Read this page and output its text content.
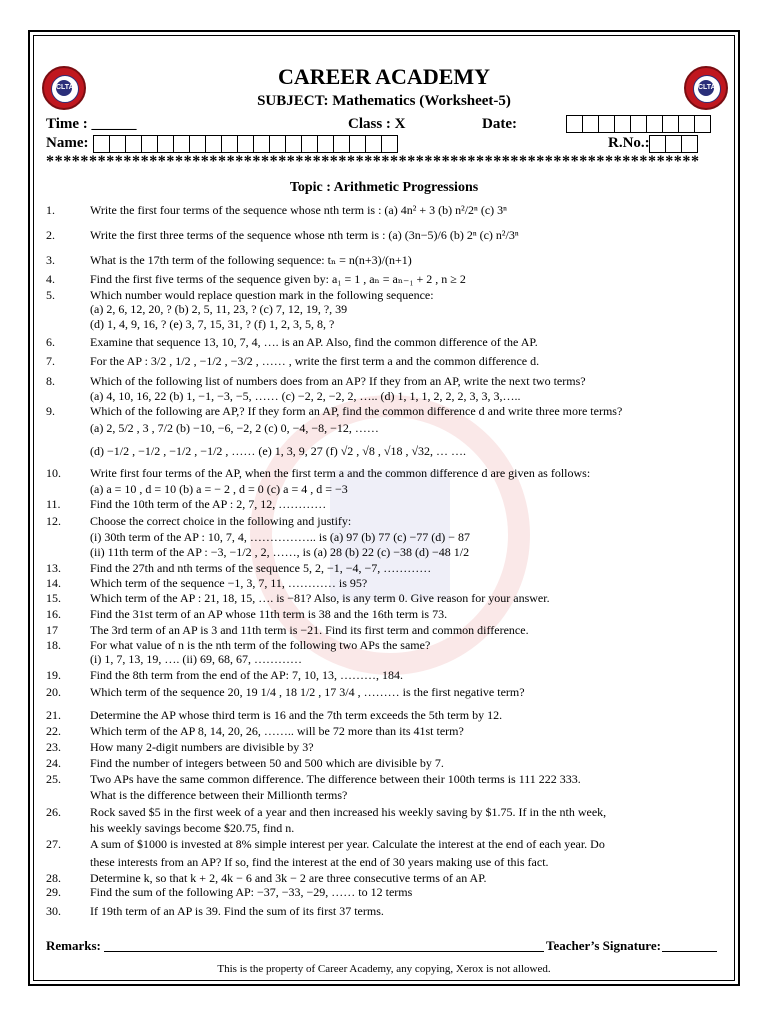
CLTA	CLTA
CAREER ACADEMY
SUBJECT: Mathematics (Worksheet-5)
Time : ______	Class : X	Date:
Name:	R.No.:
****************************************************************************
Topic : Arithmetic Progressions
1.	Write the first four terms of the sequence whose nth term is : (a) 4n² + 3 (b) n²/2ⁿ (c) 3ⁿ
2.	Write the first three terms of the sequence whose nth term is : (a) (3n−5)/6 (b) 2ⁿ (c) n²/3ⁿ
3.	What is the 17th term of the following sequence: tₙ = n(n+3)/(n+1)
4.	Find the first five terms of the sequence given by: a₁ = 1 , aₙ = aₙ₋₁ + 2 , n ≥ 2
5.	Which number would replace question mark in the following sequence:
(a) 2, 6, 12, 20, ? (b) 2, 5, 11, 23, ? (c) 7, 12, 19, ?, 39
(d) 1, 4, 9, 16, ? (e) 3, 7, 15, 31, ? (f) 1, 2, 3, 5, 8, ?
6.	Examine that sequence 13, 10, 7, 4, …. is an AP. Also, find the common difference of the AP.
7.	For the AP : 3/2 , 1/2 , −1/2 , −3/2 , …… , write the first term a and the common difference d.
8.	Which of the following list of numbers does from an AP? If they from an AP, write the next two terms?
(a) 4, 10, 16, 22 (b) 1, −1, −3, −5, …… (c) −2, 2, −2, 2, ….. (d) 1, 1, 1, 2, 2, 2, 3, 3, 3,…..
9.	Which of the following are AP,? If they form an AP, find the common difference d and write three more terms?
(a) 2, 5/2 , 3 , 7/2 (b) −10, −6, −2, 2 (c) 0, −4, −8, −12, ……
(d) −1/2 , −1/2 , −1/2 , −1/2 , …… (e) 1, 3, 9, 27 (f) √2 , √8 , √18 , √32, … ….
10. Write first four terms of the AP, when the first term a and the common difference d are given as follows:
(a) a = 10 , d = 10 (b) a = − 2 , d = 0 (c) a = 4 , d = −3
11. Find the 10th term of the AP : 2, 7, 12, …………
12. Choose the correct choice in the following and justify:
(i) 30th term of the AP : 10, 7, 4, …………….. is (a) 97 (b) 77 (c) −77 (d) − 87
(ii) 11th term of the AP : −3, −1/2 , 2, ……, is (a) 28 (b) 22 (c) −38 (d) −48 1/2
13. Find the 27th and nth terms of the sequence 5, 2, −1, −4, −7, …………
14. Which term of the sequence −1, 3, 7, 11, ………… is 95?
15. Which term of the AP : 21, 18, 15, …. is −81? Also, is any term 0. Give reason for your answer.
16. Find the 31st term of an AP whose 11th term is 38 and the 16th term is 73.
17	The 3rd term of an AP is 3 and 11th term is −21. Find its first term and common difference.
18. For what value of n is the nth term of the following two APs the same?
(i) 1, 7, 13, 19, …. (ii) 69, 68, 67, …………
19. Find the 8th term from the end of the AP: 7, 10, 13, ………, 184.
20. Which term of the sequence 20, 19 1/4 , 18 1/2 , 17 3/4 , ……… is the first negative term?
21. Determine the AP whose third term is 16 and the 7th term exceeds the 5th term by 12.
22. Which term of the AP 8, 14, 20, 26, …….. will be 72 more than its 41st term?
23. How many 2-digit numbers are divisible by 3?
24. Find the number of integers between 50 and 500 which are divisible by 7.
25. Two APs have the same common difference. The difference between their 100th terms is 111 222 333.
What is the difference between their Millionth terms?
26. Rock saved $5 in the first week of a year and then increased his weekly saving by $1.75. If in the nth week,
his weekly savings become $20.75, find n.
27. A sum of $1000 is invested at 8% simple interest per year. Calculate the interest at the end of each year. Do
these interests from an AP? If so, find the interest at the end of 30 years making use of this fact.
28. Determine k, so that k + 2, 4k − 6 and 3k − 2 are three consecutive terms of an AP.
29. Find the sum of the following AP: −37, −33, −29, …… to 12 terms
30. If 19th term of an AP is 39. Find the sum of its first 37 terms.
Remarks:	Teacher’s Signature:
This is the property of Career Academy, any copying, Xerox is not allowed.
